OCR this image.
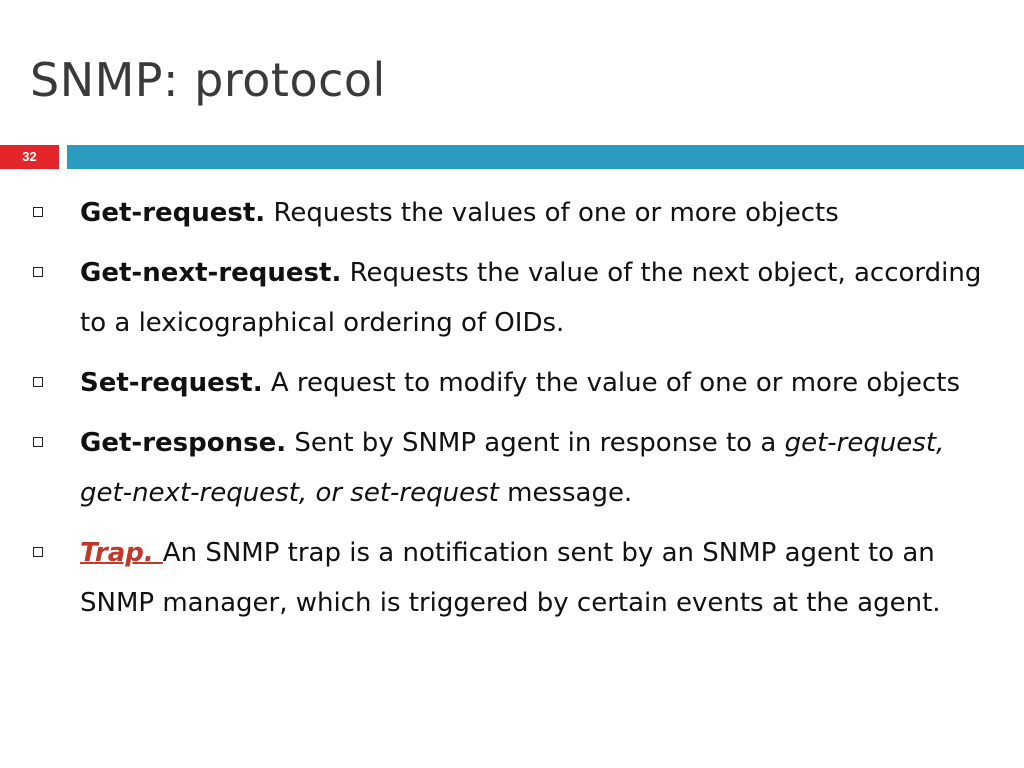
SNMP: protocol
32
Get-request. Requests the values of one or more objects
Get-next-request. Requests the value of the next object, according to a lexicographical ordering of OIDs.
Set-request. A request to modify the value of one or more objects
Get-response. Sent by SNMP agent in response to a get-request, get-next-request, or set-request message.
Trap. An SNMP trap is a notification sent by an SNMP agent to an SNMP manager, which is triggered by certain events at the agent.
